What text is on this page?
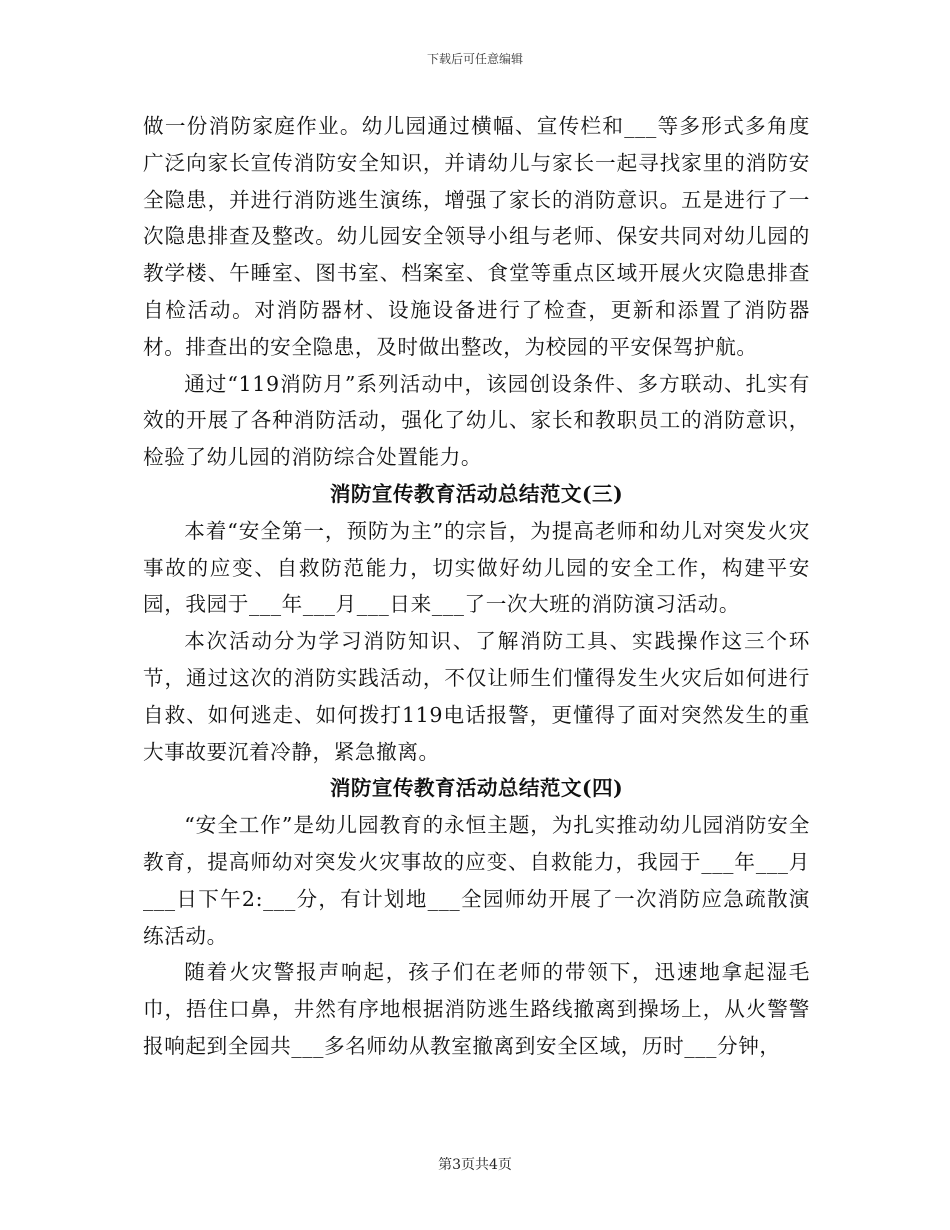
下载后可任意编辑

做一份消防家庭作业。幼儿园通过横幅、宣传栏和___等多形式多角度广泛向家长宣传消防安全知识，并请幼儿与家长一起寻找家里的消防安全隐患，并进行消防逃生演练，增强了家长的消防意识。五是进行了一次隐患排查及整改。幼儿园安全领导小组与老师、保安共同对幼儿园的教学楼、午睡室、图书室、档案室、食堂等重点区域开展火灾隐患排查自检活动。对消防器材、设施设备进行了检查，更新和添置了消防器材。排查出的安全隐患，及时做出整改，为校园的平安保驾护航。

通过“119消防月”系列活动中，该园创设条件、多方联动、扎实有效的开展了各种消防活动，强化了幼儿、家长和教职员工的消防意识，检验了幼儿园的消防综合处置能力。

消防宣传教育活动总结范文(三)

本着“安全第一，预防为主”的宗旨，为提高老师和幼儿对突发火灾事故的应变、自救防范能力，切实做好幼儿园的安全工作，构建平安园，我园于___年___月___日来___了一次大班的消防演习活动。

本次活动分为学习消防知识、了解消防工具、实践操作这三个环节，通过这次的消防实践活动，不仅让师生们懂得发生火灾后如何进行自救、如何逃走、如何拨打119电话报警，更懂得了面对突然发生的重大事故要沉着冷静，紧急撤离。

消防宣传教育活动总结范文(四)

“安全工作”是幼儿园教育的永恒主题，为扎实推动幼儿园消防安全教育，提高师幼对突发火灾事故的应变、自救能力，我园于___年___月___日下午2:___分，有计划地___全园师幼开展了一次消防应急疏散演练活动。

随着火灾警报声响起，孩子们在老师的带领下，迅速地拿起湿毛巾，捂住口鼻，井然有序地根据消防逃生路线撤离到操场上，从火警警报响起到全园共___多名师幼从教室撤离到安全区域，历时___分钟，

第3页共4页
